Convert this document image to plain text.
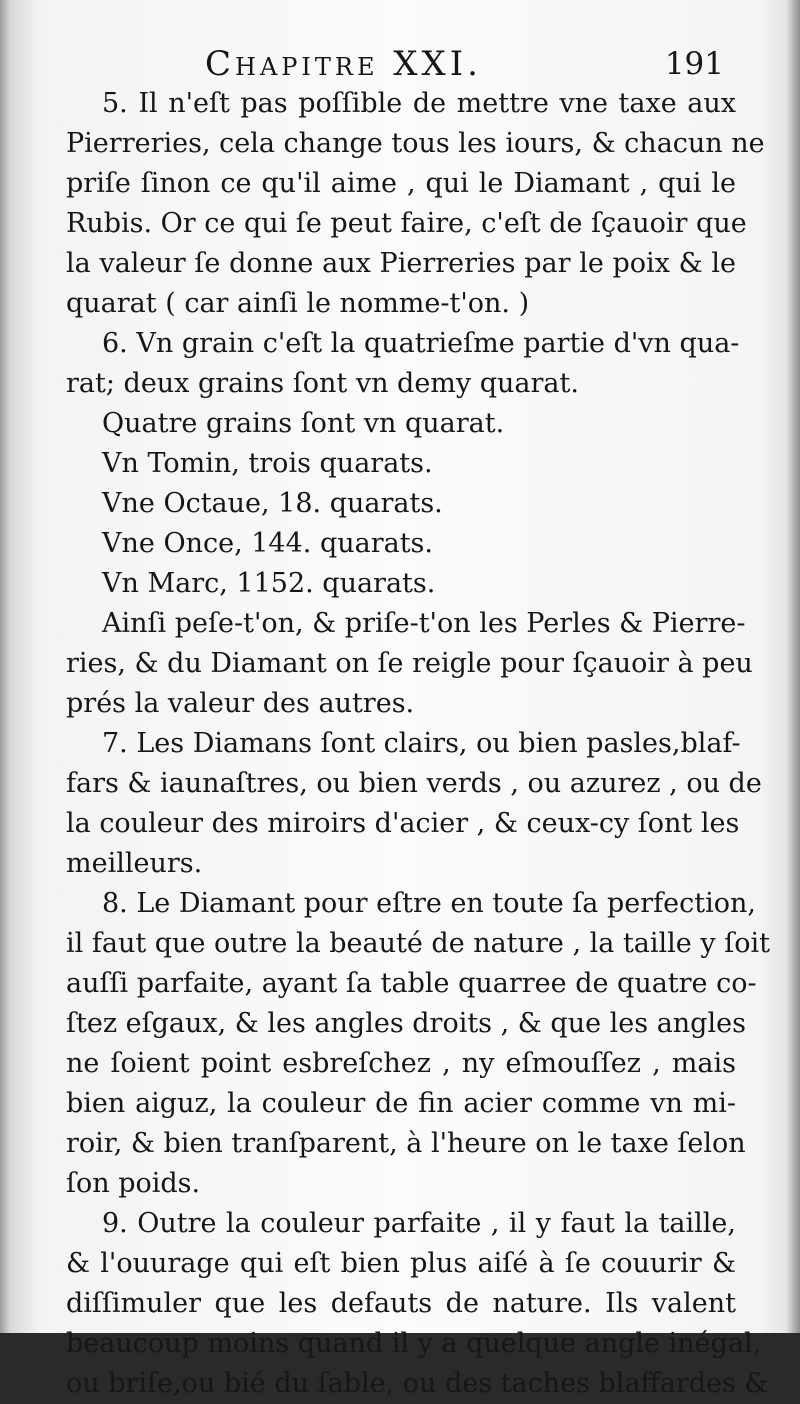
Chapitre XXI.	191
5. Il n'eſt pas poſſible de mettre vne taxe aux
Pierreries, cela change tous les iours, & chacun ne
priſe ſinon ce qu'il aime , qui le Diamant , qui le
Rubis. Or ce qui ſe peut faire, c'eſt de ſçauoir que
la valeur ſe donne aux Pierreries par le poix & le
quarat ( car ainſi le nomme-t'on. )
6. Vn grain c'eſt la quatrieſme partie d'vn qua-
rat; deux grains ſont vn demy quarat.
Quatre grains ſont vn quarat.
Vn Tomin, trois quarats.
Vne Octaue, 18. quarats.
Vne Once, 144. quarats.
Vn Marc, 1152. quarats.
Ainſi peſe-t'on, & priſe-t'on les Perles & Pierre-
ries, & du Diamant on ſe reigle pour ſçauoir à peu
prés la valeur des autres.
7. Les Diamans ſont clairs, ou bien pasles,blaf-
fars & iaunaſtres, ou bien verds , ou azurez , ou de
la couleur des miroirs d'acier , & ceux-cy ſont les
meilleurs.
8. Le Diamant pour eſtre en toute ſa perfection,
il faut que outre la beauté de nature , la taille y ſoit
auſſi parfaite, ayant ſa table quarree de quatre co-
ſtez eſgaux, & les angles droits , & que les angles
ne ſoient point esbreſchez , ny eſmouſſez , mais
bien aiguz, la couleur de fin acier comme vn mi-
roir, & bien tranſparent, à l'heure on le taxe ſelon
ſon poids.
9. Outre la couleur parfaite , il y faut la taille,
& l'ouurage qui eſt bien plus aiſé à ſe couurir &
diſſimuler que les defauts de nature. Ils valent
beaucoup moins quand il y a quelque angle inégal,
ou briſe,ou bié du ſable, ou des taches blaffardes &
